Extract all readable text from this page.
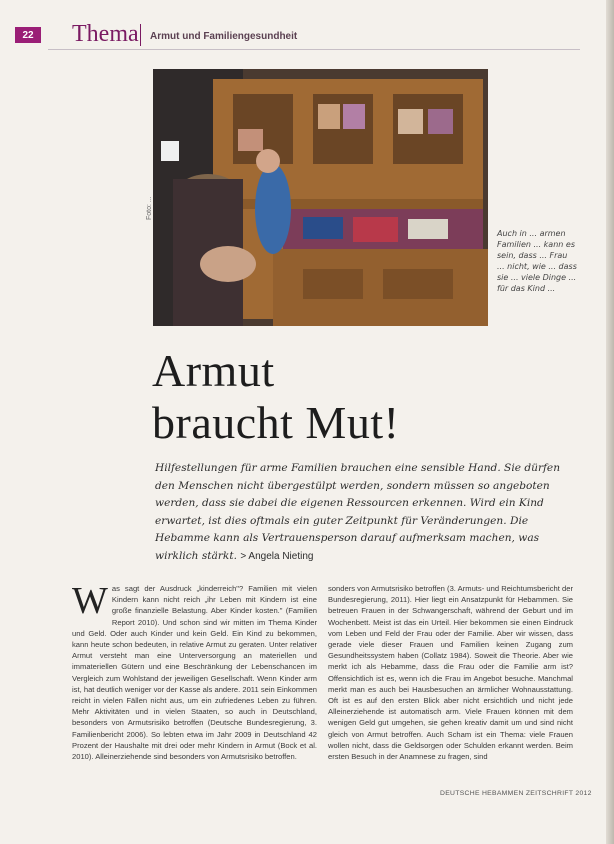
22	Thema Armut und Familiengesundheit
Foto: ...
Auch in ... armen Familien ... kann es sein, dass ... Frau ... nicht, wie ... dass sie ... viele Dinge ... für das Kind ...
Armut
braucht Mut!
Hilfestellungen für arme Familien brauchen eine sensible Hand. Sie dürfen den Menschen nicht übergestülpt werden, sondern müssen so angeboten werden, dass sie dabei die eigenen Ressourcen erkennen. Wird ein Kind erwartet, ist dies oftmals ein guter Zeitpunkt für Veränderungen. Die Hebamme kann als Vertrauensperson darauf aufmerksam machen, was wirklich stärkt. > Angela Nieting

Was sagt der Ausdruck „kinderreich"? Familien mit vielen Kindern kann nicht reich „ihr Leben mit Kindern ist eine große finanzielle Belastung. Aber Kinder kosten." (Familien Report 2010). Und schon sind wir mitten im Thema Kinder und Geld. Oder auch Kinder und kein Geld. Ein Kind zu bekommen, kann heute schon bedeuten, in relative Armut zu geraten. Unter relativer Armut versteht man eine Unterversorgung an materiellen und immateriellen Gütern und eine Beschränkung der Lebenschancen im Vergleich zum Wohlstand der jeweiligen Gesellschaft. Wenn Kinder arm ist, hat deutlich weniger vor der Kasse als andere. 2011 sein Einkommen reicht in vielen Fällen nicht aus, um ein zufriedenes Leben zu führen. Mehr Aktivitäten und in vielen Staaten, so auch in Deutschland, besonders von Armutsrisiko betroffen (Deutsche Bundesregierung, 3. Familienbericht 2006). So lebten etwa im Jahr 2009 in Deutschland 42 Prozent der Haushalte mit drei oder mehr Kindern in Armut (Bock et al. 2010). Alleinerziehende sind besonders von Armutsrisiko betroffen.

sonders von Armutsrisiko betroffen (3. Armuts- und Reichtumsbericht der Bundesregierung, 2011). Hier liegt ein Ansatzpunkt für Hebammen. Sie betreuen Frauen in der Schwangerschaft, während der Geburt und im Wochenbett. Meist ist das ein Urteil. Hier bekommen sie einen Eindruck vom Leben und Feld der Frau oder der Familie. Aber wir wissen, dass gerade viele dieser Frauen und Familien keinen Zugang zum Gesundheitssystem haben (Collatz 1984). Soweit die Theorie. Aber wie merkt ich als Hebamme, dass die Frau oder die Familie arm ist? Offensichtlich ist es, wenn ich die Frau im Angebot besuche. Manchmal merkt man es auch bei Hausbesuchen an ärmlicher Wohnausstattung. Oft ist es auf den ersten Blick aber nicht ersichtlich und nicht jede Alleinerziehende ist automatisch arm. Viele Frauen können mit dem wenigen Geld gut umgehen, sie gehen kreativ damit um und sind nicht gleich von Armut betroffen. Auch Scham ist ein Thema: viele Frauen wollen nicht, dass die Geldsorgen oder Schulden erkannt werden. Beim ersten Besuch in der Anamnese zu fragen, sind

DEUTSCHE HEBAMMEN ZEITSCHRIFT 2012
